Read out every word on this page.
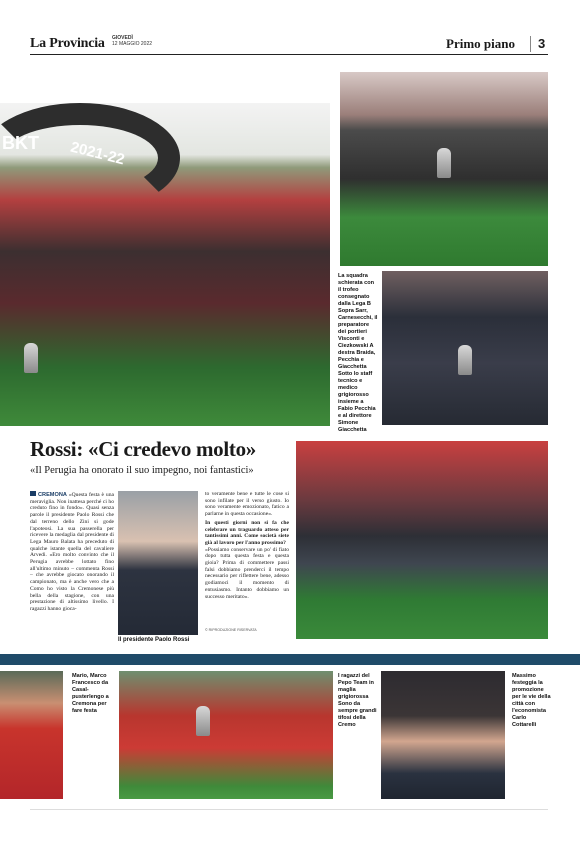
La Provincia GIOVEDÌ
12 MAGGIO 2022	Primo piano 3
BKT 2021-22
La squadra schierata con il trofeo consegnato dalla Lega B Sopra Sarr, Carnesecchi, il preparatore dei portieri Visconti e Ciezkowski A destra Braida, Pecchia e Giacchetta Sotto lo staff tecnico e medico grigiorosso insieme a Fabio Pecchia e al direttore Simone Giacchetta
Rossi: «Ci credevo molto»
«Il Perugia ha onorato il suo impegno, noi fantastici»

CREMONA «Questa festa è una meraviglia. Non inattesa perché ci ho creduto fino in fondo». Quasi senza parole il presidente Paolo Rossi che dal terreno dello Zini si gode l'apoteosi. La sua passerella per ricevere la medaglia dal presidente di Lega Mauro Balata ha preceduto di qualche istante quella del cavaliere Arvedi. «Ero molto convinto che il Perugia avrebbe lottato fino all'ultimo minuto – commenta Rossi – che avrebbe giocato onorando il campionato, ma è anche vero che a Como ho visto la Cremonese più bella della stagione, con una prestazione di altissimo livello. I ragazzi hanno gioca-

Il presidente Paolo Rossi

to veramente bene e tutte le cose si sono infilate per il verso giusto. Io sono veramente emozionato, faticо a parlarne in questa occasione».

In questi giorni non si fa che celebrare un traguardo atteso per tantissimi anni. Come società siete già al lavoro per l'anno prossimo?

«Possiamo conservare un po' di fiato dopo tutta questa festa e questa gioia? Prima di commettere passi falsi dobbiamo prenderci il tempo necessario per riflettere bene, adesso godiamoci il momento di entusiasmo. Intanto dobbiamo un successo meritato».

© RIPRODUZIONE RISERVATA
Mario, Marco Francesco da Casal- pusterlengo a Cremona per fare festa
I ragazzi del Pepo Team in maglia grigiorossa Sono da sempre grandi tifosi della Cremo
Massimo festeggia la promozione per le vie della città con l'economista Carlo Cottarelli
